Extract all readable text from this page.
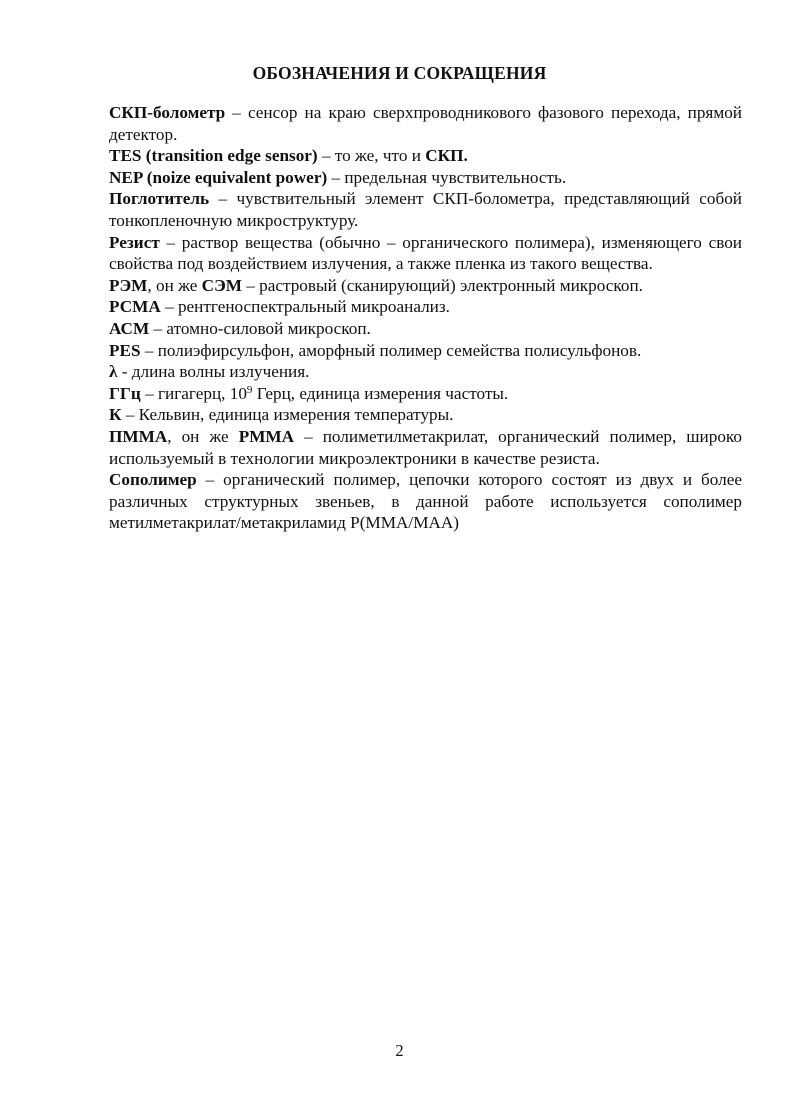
ОБОЗНАЧЕНИЯ И СОКРАЩЕНИЯ

СКП-болометр – сенсор на краю сверхпроводникового фазового перехода, прямой детектор.

TES (transition edge sensor) – то же, что и СКП.

NEP (noize equivalent power) – предельная чувствительность.

Поглотитель – чувствительный элемент СКП-болометра, представляющий собой тонкопленочную микроструктуру.

Резист – раствор вещества (обычно – органического полимера), изменяющего свои свойства под воздействием излучения, а также пленка из такого вещества.

РЭМ, он же СЭМ – растровый (сканирующий) электронный микроскоп.

РСМА – рентгеноспектральный микроанализ.

АСМ – атомно-силовой микроскоп.

PES – полиэфирсульфон, аморфный полимер семейства полисульфонов.

λ - длина волны излучения.

ГГц – гигагерц, $10^9$ Герц, единица измерения частоты.

К – Кельвин, единица измерения температуры.

ПММА, он же PMMA – полиметилметакрилат, органический полимер, широко используемый в технологии микроэлектроники в качестве резиста.

Сополимер – органический полимер, цепочки которого состоят из двух и более различных структурных звеньев, в данной работе используется сополимер метилметакрилат/метакриламид P(MMA/MAA)

2
